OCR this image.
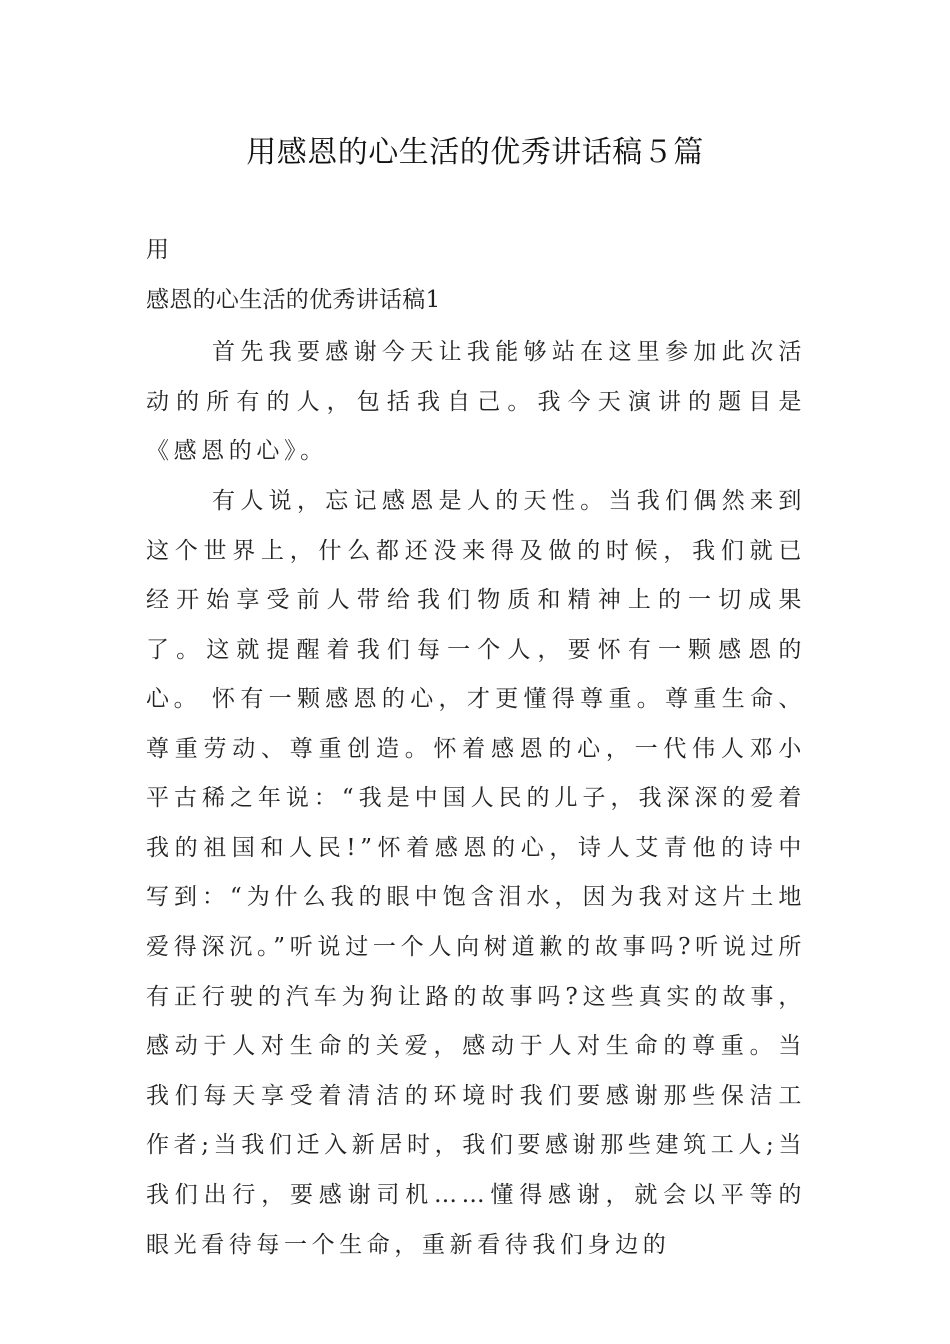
用感恩的心生活的优秀讲话稿５篇
用
感恩的心生活的优秀讲话稿1

首先我要感谢今天让我能够站在这里参加此次活动的所有的人，包括我自己。我今天演讲的题目是《感恩的心》。

有人说，忘记感恩是人的天性。当我们偶然来到这个世界上，什么都还没来得及做的时候，我们就已经开始享受前人带给我们物质和精神上的一切成果了。这就提醒着我们每一个人，要怀有一颗感恩的心。 怀有一颗感恩的心，才更懂得尊重。尊重生命、尊重劳动、尊重创造。怀着感恩的心，一代伟人邓小平古稀之年说：“我是中国人民的儿子，我深深的爱着我的祖国和人民!”怀着感恩的心，诗人艾青他的诗中写到：“为什么我的眼中饱含泪水，因为我对这片土地爱得深沉。”听说过一个人向树道歉的故事吗?听说过所有正行驶的汽车为狗让路的故事吗?这些真实的故事，感动于人对生命的关爱，感动于人对生命的尊重。当我们每天享受着清洁的环境时我们要感谢那些保洁工作者;当我们迁入新居时，我们要感谢那些建筑工人;当我们出行，要感谢司机……懂得感谢，就会以平等的眼光看待每一个生命，重新看待我们身边的
